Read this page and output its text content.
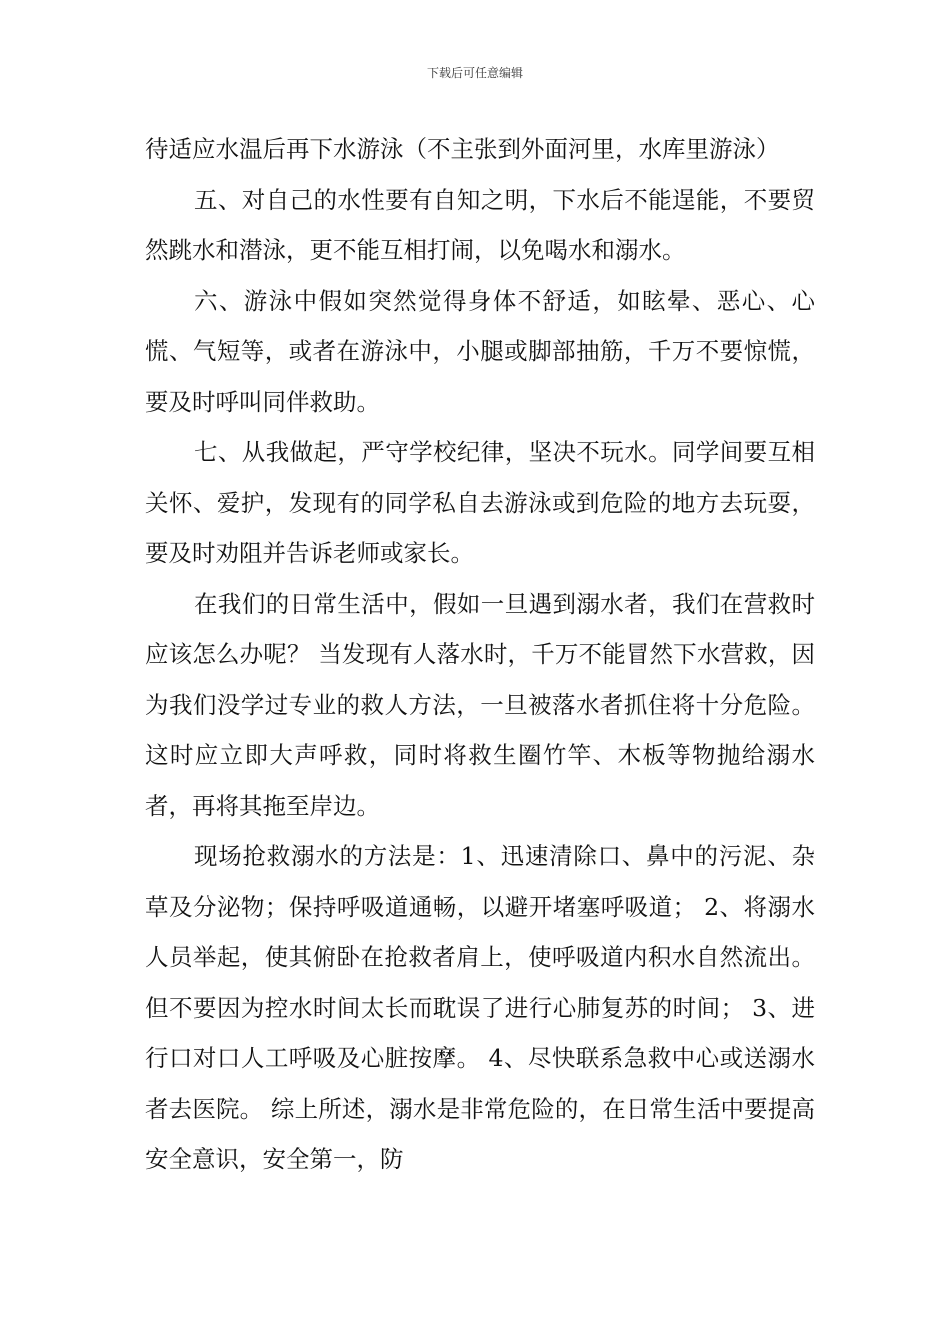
下载后可任意编辑

待适应水温后再下水游泳（不主张到外面河里，水库里游泳）

五、对自己的水性要有自知之明，下水后不能逞能，不要贸然跳水和潜泳，更不能互相打闹，以免喝水和溺水。

六、游泳中假如突然觉得身体不舒适，如眩晕、恶心、心慌、气短等，或者在游泳中，小腿或脚部抽筋，千万不要惊慌，要及时呼叫同伴救助。

七、从我做起，严守学校纪律，坚决不玩水。同学间要互相关怀、爱护，发现有的同学私自去游泳或到危险的地方去玩耍，要及时劝阻并告诉老师或家长。

在我们的日常生活中，假如一旦遇到溺水者，我们在营救时应该怎么办呢？ 当发现有人落水时，千万不能冒然下水营救，因为我们没学过专业的救人方法，一旦被落水者抓住将十分危险。这时应立即大声呼救，同时将救生圈竹竿、木板等物抛给溺水者，再将其拖至岸边。

现场抢救溺水的方法是：1、迅速清除口、鼻中的污泥、杂草及分泌物；保持呼吸道通畅，以避开堵塞呼吸道； 2、将溺水人员举起，使其俯卧在抢救者肩上，使呼吸道内积水自然流出。但不要因为控水时间太长而耽误了进行心肺复苏的时间； 3、进行口对口人工呼吸及心脏按摩。 4、尽快联系急救中心或送溺水者去医院。 综上所述，溺水是非常危险的，在日常生活中要提高安全意识，安全第一，防
